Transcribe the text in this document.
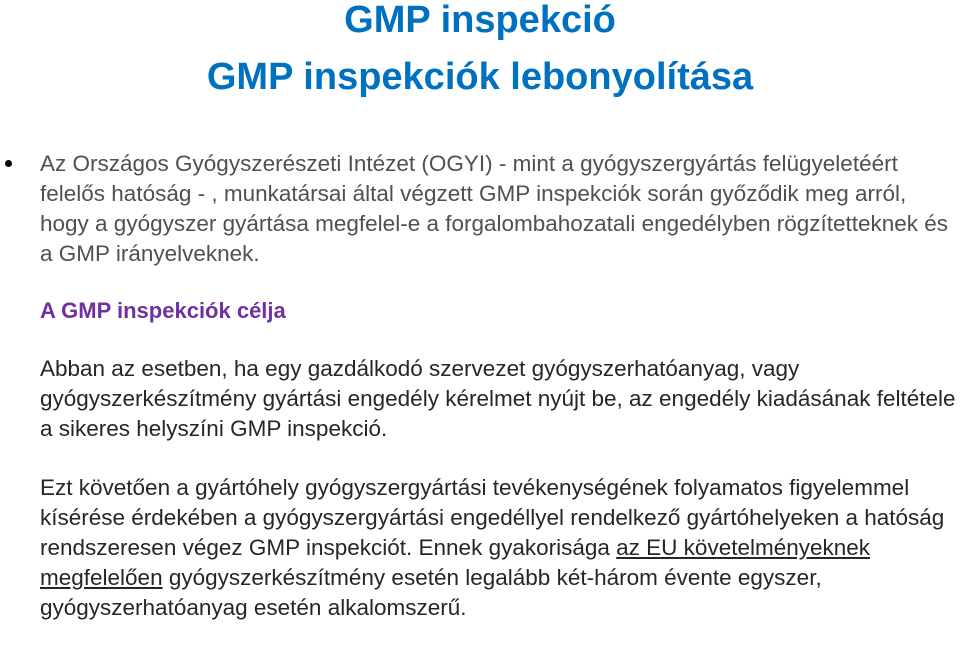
GMP inspekció
GMP inspekciók lebonyolítása

Az Országos Gyógyszerészeti Intézet (OGYI) - mint a gyógyszergyártás felügyeletéért felelős hatóság - , munkatársai által végzett GMP inspekciók során győződik meg arról, hogy a gyógyszer gyártása megfelel-e a forgalombahozatali engedélyben rögzítetteknek és a GMP irányelveknek.

A GMP inspekciók célja

Abban az esetben, ha egy gazdálkodó szervezet gyógyszerhatóanyag, vagy gyógyszerkészítmény gyártási engedély kérelmet nyújt be, az engedély kiadásának feltétele a sikeres helyszíni GMP inspekció.

Ezt követően a gyártóhely gyógyszergyártási tevékenységének folyamatos figyelemmel kísérése érdekében a gyógyszergyártási engedéllyel rendelkező gyártóhelyeken a hatóság rendszeresen végez GMP inspekciót. Ennek gyakorisága az EU követelményeknek megfelelően gyógyszerkészítmény esetén legalább két-három évente egyszer, gyógyszerhatóanyag esetén alkalomszerű.
